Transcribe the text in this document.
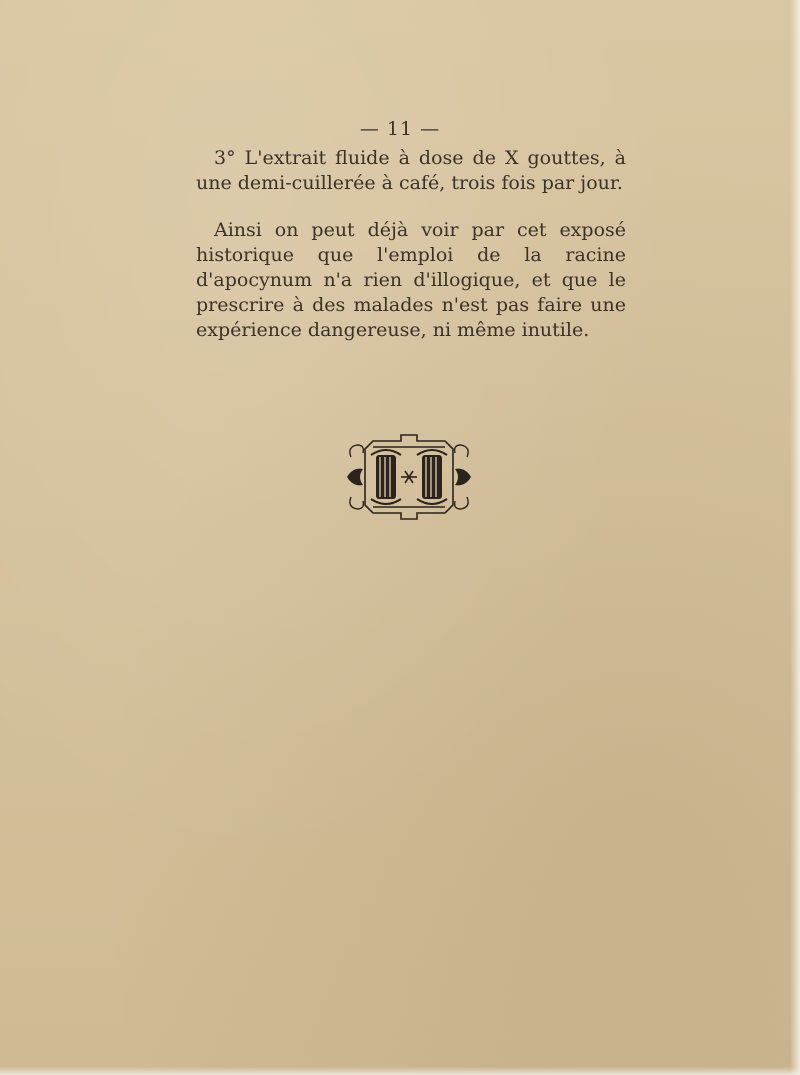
— 11 —

3° L'extrait fluide à dose de X gouttes, à une demi-cuillerée à café, trois fois par jour.

Ainsi on peut déjà voir par cet exposé historique que l'emploi de la racine d'apocynum n'a rien d'illogique, et que le prescrire à des malades n'est pas faire une expérience dangereuse, ni même inutile.
